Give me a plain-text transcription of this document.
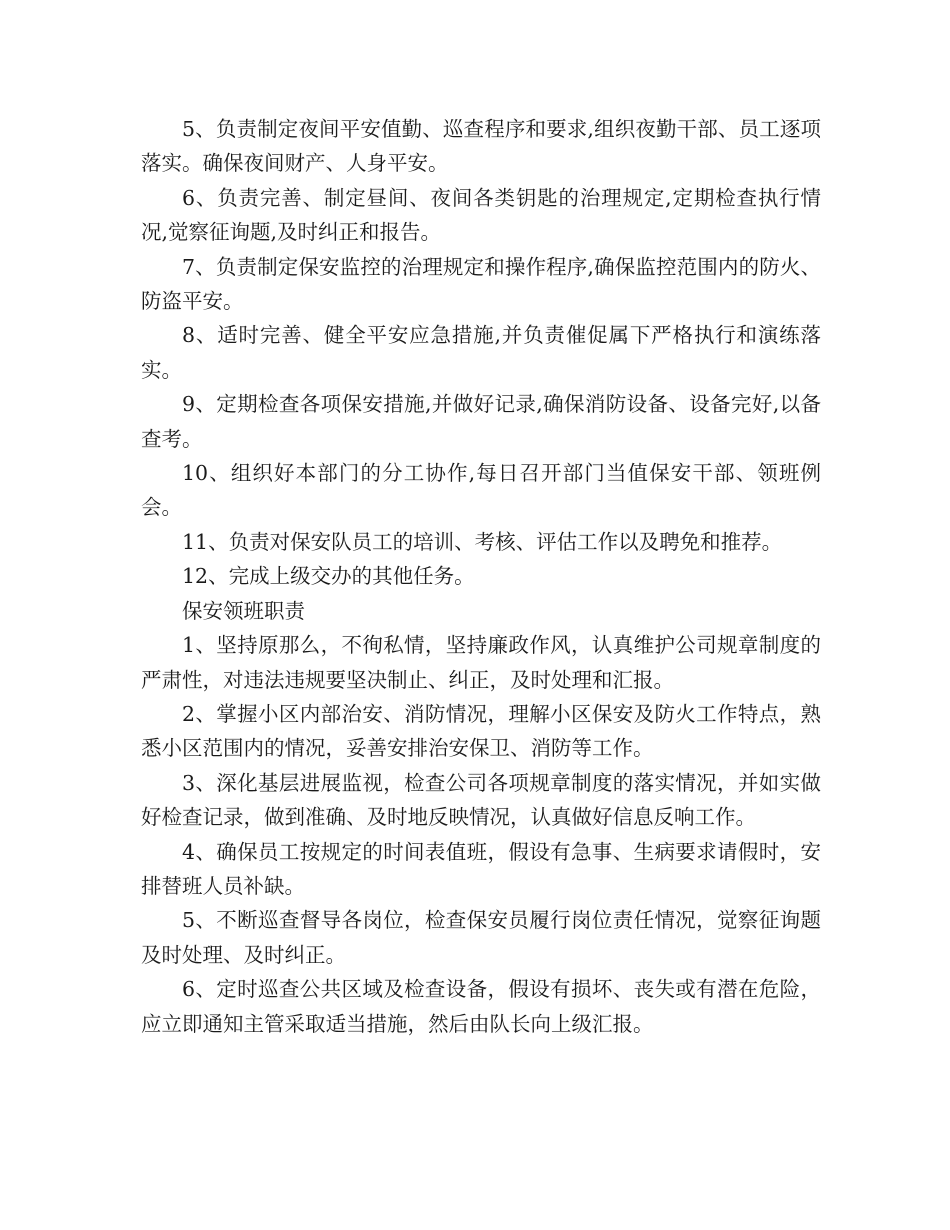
5、负责制定夜间平安值勤、巡查程序和要求,组织夜勤干部、员工逐项落实。确保夜间财产、人身平安。

6、负责完善、制定昼间、夜间各类钥匙的治理规定,定期检查执行情况,觉察征询题,及时纠正和报告。

7、负责制定保安监控的治理规定和操作程序,确保监控范围内的防火、防盗平安。

8、适时完善、健全平安应急措施,并负责催促属下严格执行和演练落实。

9、定期检查各项保安措施,并做好记录,确保消防设备、设备完好,以备查考。

10、组织好本部门的分工协作,每日召开部门当值保安干部、领班例会。

11、负责对保安队员工的培训、考核、评估工作以及聘免和推荐。

12、完成上级交办的其他任务。

保安领班职责

1、坚持原那么，不徇私情，坚持廉政作风，认真维护公司规章制度的严肃性，对违法违规要坚决制止、纠正，及时处理和汇报。

2、掌握小区内部治安、消防情况，理解小区保安及防火工作特点，熟悉小区范围内的情况，妥善安排治安保卫、消防等工作。

3、深化基层进展监视，检查公司各项规章制度的落实情况，并如实做好检查记录，做到准确、及时地反映情况，认真做好信息反响工作。

4、确保员工按规定的时间表值班，假设有急事、生病要求请假时，安排替班人员补缺。

5、不断巡查督导各岗位，检查保安员履行岗位责任情况，觉察征询题及时处理、及时纠正。

6、定时巡查公共区域及检查设备，假设有损坏、丧失或有潜在危险，应立即通知主管采取适当措施，然后由队长向上级汇报。
